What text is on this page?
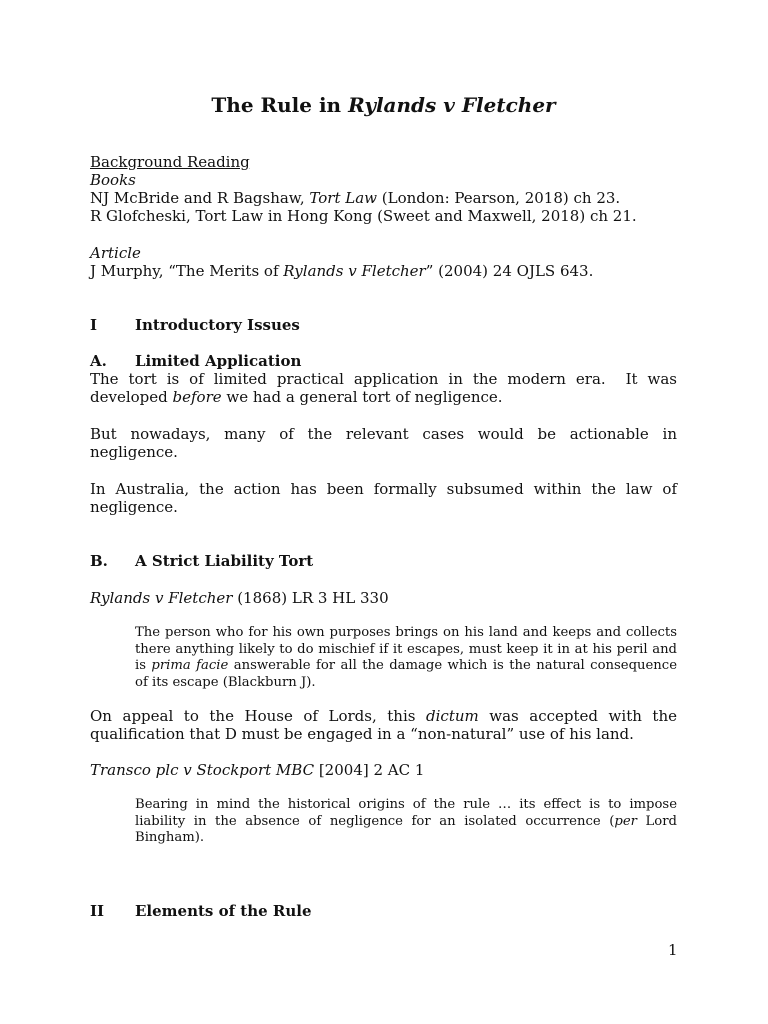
The Rule in Rylands v Fletcher
Background Reading
Books
NJ McBride and R Bagshaw, Tort Law (London: Pearson, 2018) ch 23.
R Glofcheski, Tort Law in Hong Kong (Sweet and Maxwell, 2018) ch 21.
Article
J Murphy, “The Merits of Rylands v Fletcher” (2004) 24 OJLS 643.
I	Introductory Issues
A. Limited Application

The tort is of limited practical application in the modern era.  It was developed before we had a general tort of negligence.

But nowadays, many of the relevant cases would be actionable in negligence.

In Australia, the action has been formally subsumed within the law of negligence.

B. A Strict Liability Tort
Rylands v Fletcher (1868) LR 3 HL 330

The person who for his own purposes brings on his land and keeps and collects there anything likely to do mischief if it escapes, must keep it in at his peril and is prima facie answerable for all the damage which is the natural consequence of its escape (Blackburn J).

On appeal to the House of Lords, this dictum was accepted with the qualification that D must be engaged in a “non-natural” use of his land.

Transco plc v Stockport MBC [2004] 2 AC 1

Bearing in mind the historical origins of the rule … its effect is to impose liability in the absence of negligence for an isolated occurrence (per Lord Bingham).

II Elements of the Rule
1
